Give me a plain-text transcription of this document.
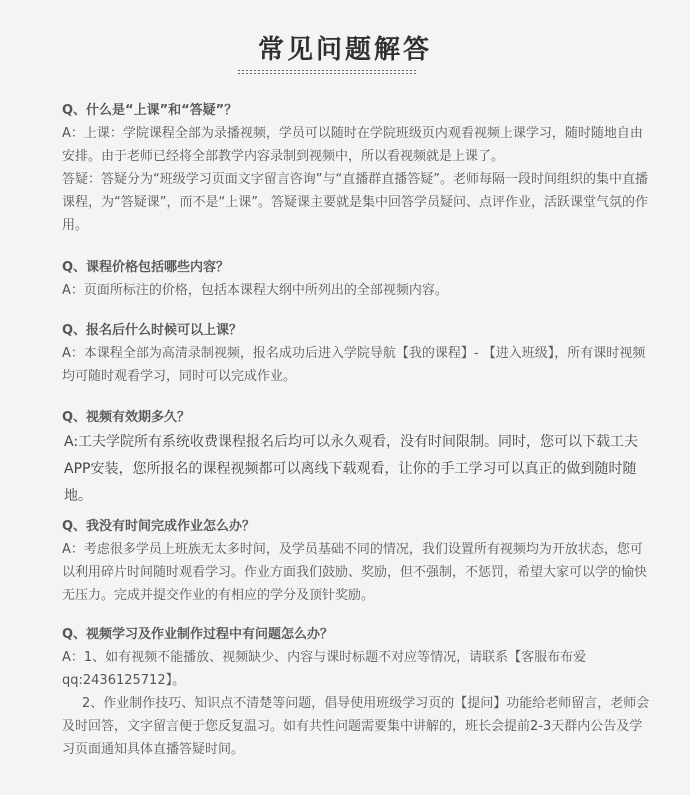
常见问题解答
Q、什么是“上课”和“答疑”？

A：上课：学院课程全部为录播视频，学员可以随时在学院班级页内观看视频上课学习，随时随地自由安排。由于老师已经将全部教学内容录制到视频中，所以看视频就是上课了。

答疑：答疑分为“班级学习页面文字留言咨询”与“直播群直播答疑”。老师每隔一段时间组织的集中直播课程，为“答疑课”，而不是“上课”。答疑课主要就是集中回答学员疑问、点评作业，活跃课堂气氛的作用。

Q、课程价格包括哪些内容？

A：页面所标注的价格，包括本课程大纲中所列出的全部视频内容。

Q、报名后什么时候可以上课？

A：本课程全部为高清录制视频，报名成功后进入学院导航【我的课程】- 【进入班级】，所有课时视频均可随时观看学习，同时可以完成作业。

Q、视频有效期多久？

A:工夫学院所有系统收费课程报名后均可以永久观看，没有时间限制。同时，您可以下载工夫APP安装，您所报名的课程视频都可以离线下载观看，让你的手工学习可以真正的做到随时随地。

Q、我没有时间完成作业怎么办？

A：考虑很多学员上班族无太多时间，及学员基础不同的情况，我们设置所有视频均为开放状态，您可以利用碎片时间随时观看学习。作业方面我们鼓励、奖励，但不强制，不惩罚，希望大家可以学的愉快无压力。完成并提交作业的有相应的学分及顶针奖励。

Q、视频学习及作业制作过程中有问题怎么办？

A：1、如有视频不能播放、视频缺少、内容与课时标题不对应等情况，请联系【客服布布爱qq:2436125712】。

2、作业制作技巧、知识点不清楚等问题，倡导使用班级学习页的【提问】功能给老师留言，老师会及时回答，文字留言便于您反复温习。如有共性问题需要集中讲解的，班长会提前2-3天群内公告及学习页面通知具体直播答疑时间。
